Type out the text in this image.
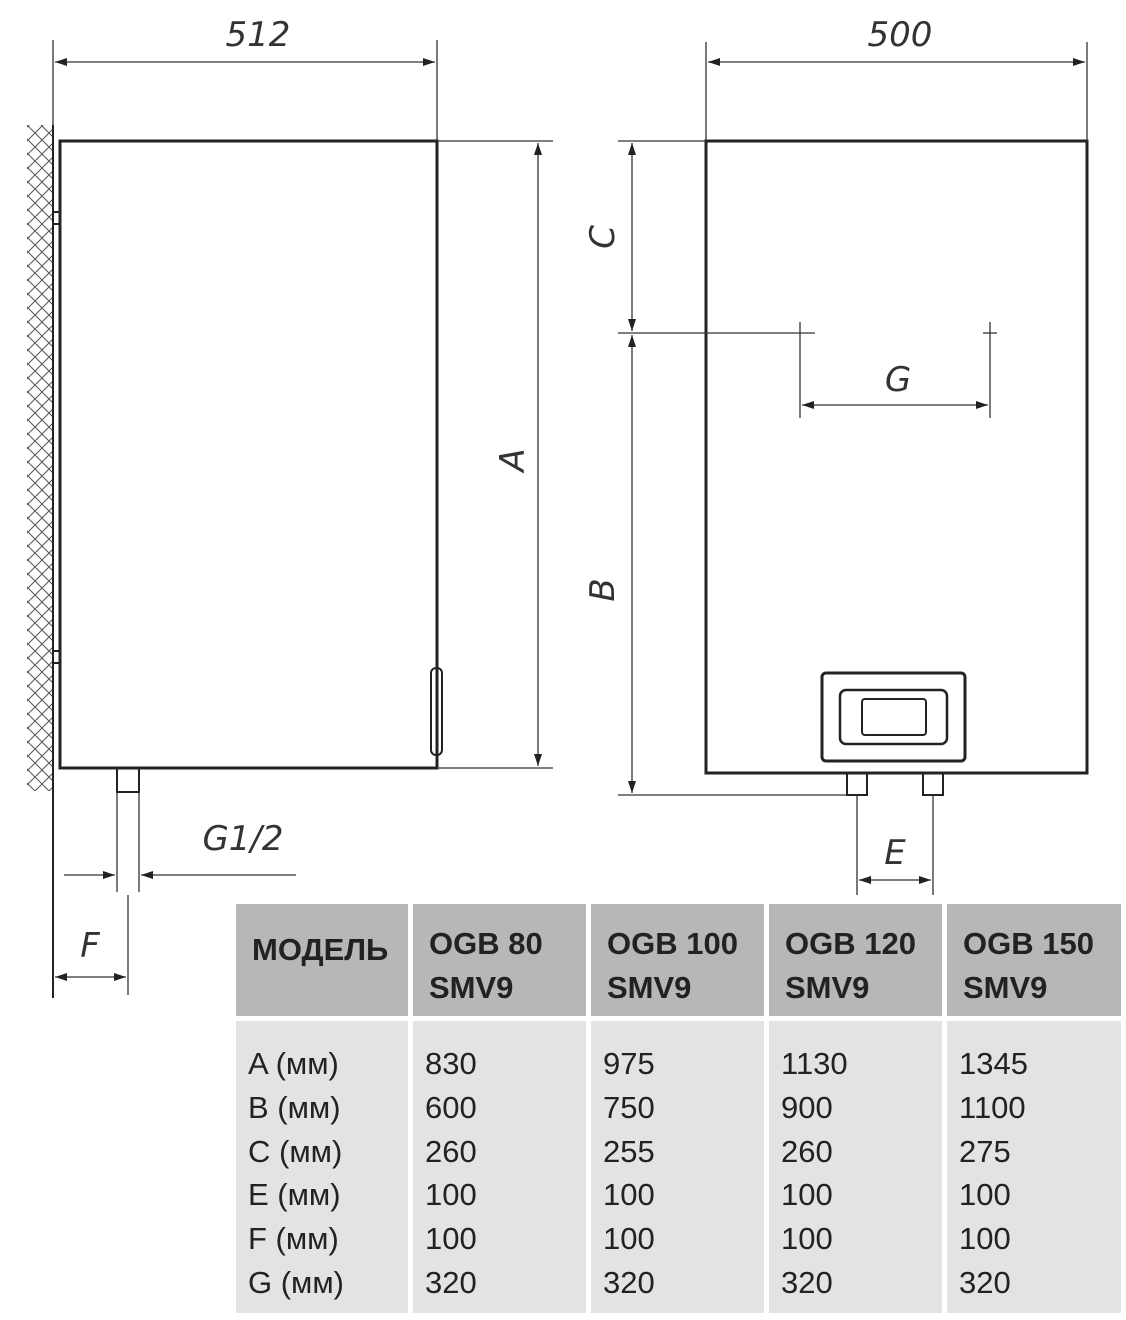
512
A
G1/2
F
500
C
B
G
E
МОДЕЛЬ
A (мм)
B (мм)
C (мм)
E (мм)
F (мм)
G (мм)
OGB 80
SMV9
830
600
260
100
100
320
OGB 100
SMV9
975
750
255
100
100
320
OGB 120
SMV9
1130
900
260
100
100
320
OGB 150
SMV9
1345
1100
275
100
100
320
